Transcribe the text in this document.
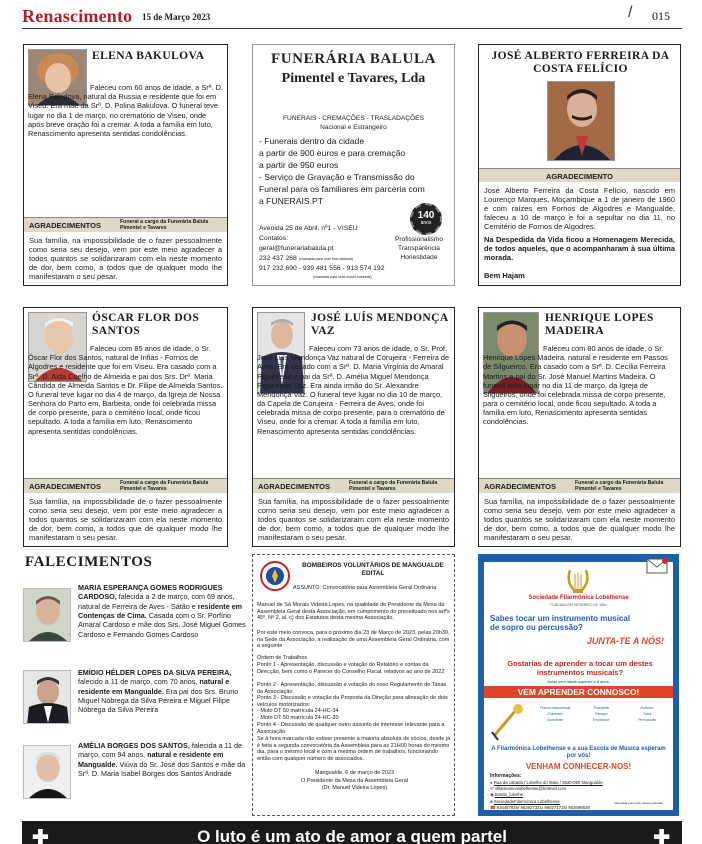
Renascimento 15 de Março 2023	/ 015
ELENA BAKULOVA
Faleceu com 60 anos de idade, a Srª. D. Elena Bakulova, natural da Russia e residente que foi em Viseu. Era mãe da Srª. D. Polina Bakulova. O funeral teve lugar no dia 1 de março, no crematório de Viseu, onde após breve oração foi a cremar. A toda a família em luto, Renascimento apresenta sentidas condolências.
AGRADECIMENTOS	Funeral a cargo da Funerária Balula Pimentel e Tavares
Sua família, na impossibilidade de o fazer pessoalmente como seria seu desejo, vem por este meio agradecer a todos quantos se solidarizaram com ela neste momento de dor, bem como, a todos que de qualquer modo lhe manifestaram o seu pesar.
FUNERÁRIA BALULA
Pimentel e Tavares, Lda
FUNERAIS - CREMAÇÕES - TRASLADAÇÕES
Nacional e Estrangeiro
- Funerais dentro da cidade
a partir de 900 euros e para cremação
a partir de 950 euros
- Serviço de Gravação e Transmissão do
Funeral para os familiares em parceria com
a FUNERAIS.PT
140
anos
Avenida 25 de Abril, nº1 - VISEU
Contatos:
geral@funerariabalula.pt
232 437 268 (chamada para rede fixa nacional)
917 232 690 - 939 481 556 - 913 574 192
(chamada para rede móvel nacional)
Profissionalismo
Transparência
Honestidade
JOSÉ ALBERTO FERREIRA DA COSTA FELÍCIO
AGRADECIMENTO
José Alberto Ferreira da Costa Felício, nascido em Lourenço Marques, Moçambique a 1 de janeiro de 1960 e com raízes em Fornos de Algodres e Mangualde, faleceu a 10 de março e foi a sepultar no dia 11, no Cemitério de Fornos de Algodres.
Na Despedida da Vida ficou a Homenagem Merecida, de todos aqueles, que o acompanharam à sua última morada.
Bem Hajam
ÓSCAR FLOR DOS SANTOS
Faleceu com 85 anos de idade, o Sr. Óscar Flor dos Santos, natural de Infias - Fornos de Algodres e residente que foi em Viseu. Era casado com a Srª. D. Aida Coelho de Almeida e pai dos Srs. Drª. Maria Cândida de Almeida Santos e Dr. Filipe de Almeida Santos. O funeral teve lugar no dia 4 de março, da Igreja de Nossa Senhora do Parto em, Barbeita, onde foi celebrada missa de corpo presente, para o cemitério local, onde ficou sepultado. A toda a família em luto, Renascimento apresenta sentidas condolências.
AGRADECIMENTOS	Funeral a cargo da Funerária Balula Pimentel e Tavares
Sua família, na impossibilidade de o fazer pessoalmente como seria seu desejo, vem por este meio agradecer a todos quantos se solidarizaram com ela neste momento de dor, bem como, a todos que de qualquer modo lhe manifestaram o seu pesar.
JOSÉ LUÍS MENDONÇA VAZ
Faleceu com 73 anos de idade, o Sr. Prof. José Luís Mendonça Vaz natural de Corujeira - Ferreira de Aves. Era casado com a Srª. D. Maria Virgínia do Amaral Figueiredo e pai da Srª. D. Amélia Miguel Mendonça Figueiredo Vaz. Era ainda irmão do Sr. Alexandre Mendonça Vaz. O funeral teve lugar no dia 10 de março, da Capela de Corujeira - Ferreira de Aves, onde foi celebrada missa de corpo presente, para o crematório de Viseu, onde foi a cremar. A toda a família em luto, Renascimento apresenta sentidas condolências.
AGRADECIMENTOS	Funeral a cargo da Funerária Balula Pimentel e Tavares
Sua família, na impossibilidade de o fazer pessoalmente como seria seu desejo, vem por este meio agradecer a todos quantos se solidarizaram com ela neste momento de dor, bem como, a todos que de qualquer modo lhe manifestaram o seu pesar.
HENRIQUE LOPES MADEIRA
Faleceu com 80 anos de idade, o Sr. Henrique Lopes Madeira, natural e residente em Passos de Silgueiros. Era casado com a Srª. D. Cecília Ferreira Martins e pai do Sr. José Manuel Martins Madeira. O funeral teve lugar no dia 11 de março, da Igreja de Silgueiros, onde foi celebrada missa de corpo presente, para o cemitério local, onde ficou sepultado. A toda a família em luto, Renascimento apresenta sentidas condolências.
AGRADECIMENTOS	Funeral a cargo da Funerária Balula Pimentel e Tavares
Sua família, na impossibilidade de o fazer pessoalmente como seria seu desejo, vem por este meio agradecer a todos quantos se solidarizaram com ela neste momento de dor, bem como, a todos que de qualquer modo lhe manifestaram o seu pesar.
FALECIMENTOS
MARIA ESPERANÇA GOMES RODRIGUES CARDOSO, falecida a 2 de março, com 69 anos, natural de Ferreira de Aves - Sátão e residente em Contenças de Cima. Casada com o Sr. Porfírio Amaral Cardoso e mãe dos Srs. José Miguel Gomes Cardoso e Fernando Gomes Cardoso
EMÍDIO HÉLDER LOPES DA SILVA PEREIRA, falecido a 11 de março, com 70 anos, natural e residente em Mangualde. Era pai dos Srs. Bruno Miguel Nóbrega da Silva Pereira e Miguel Filipe Nóbrega da Silva Pereira
AMÉLIA BORGES DOS SANTOS, falecida a 11 de março, com 94 anos, natural e residente em Mangualde. Viúva do Sr. José dos Santos e mãe da Srª. D. Maria Isabel Borges dos Santos Andrade
BOMBEIROS VOLUNTÁRIOS DE MANGUALDE
EDITAL
ASSUNTO: Convocatória para Assembleia Geral Ordinária
Manuel de Sá Morais Videira Lopes, na qualidade de Presidente da Mesa da Assembleia Geral desta Associação, em cumprimento do preceituado nos artºs 45º, Nº 2, al. c) dos Estatutos desta mesma Associação,
Por este meio convoca, para o próximo dia 23 de Março de 2023, pelas 20h30, na Sede da Associação, a realização de uma Assembleia Geral Ordinária, com a seguinte
Ordem de Trabalhos
Ponto 1 - Apresentação, discussão e votação do Relatório e contas da Direcção, bem como o Parecer do Conselho Fiscal, relativos ao ano de 2022
Ponto 2 - Apresentação, discussão e votação do novo Regulamento de Taxas da Associação.
Ponto 3 - Discussão e votação da Proposta da Direção para alineação de dois veículos motorizados:
- Moto DT 50 matrícula 24-HC-34
- Moto DT 50 matrícula 24-HC-30
Ponto 4 - Discussão de qualquer outro assunto de interesse relevante para a Associação.
Se à hora marcada não estiver presente a maioria absoluta de sócios, desde já é feita a segunda convocatória da Assembleia para as 21H00 horas do mesmo dia, para o mesmo local e com a mesma ordem de trabalhos, funcionando então com qualquer número de associados.
Mangualde, 6 de março de 2023
O Presidente da Mesa da Assembleia Geral
(Dr. Manuel Videira Lopes)
Sociedade Filarmónica Lobelhense
FUNDADA EM SETEMBRO DE 1894
Sabes tocar um instrumento musical de sopro ou percussão?
JUNTA-TE A NÓS!
Gostarias de aprender a tocar um destes instrumentos musicais?
Aulas sem idade superior a 8 anos.
VEM APRENDER CONNOSCO!
Flauta transversal	Trompete	Eufónio
Clarinete	Trompa	Tuba
Saxofone	Trombone	Percussão
A Filarmónica Lobelhense e a sua Escola de Música esperam por vós!
VENHAM CONHECER-NOS!
Informações:
● Rua da cabada / Lobelhe do Mato / 3530-090 Mangualde
✉ sfilarmonicalobelhense@hotmail.com
◉ banda_lobelhe
■ SociedadeFilarmonica.Lobelhense
☎ 916487926/ 963927321/ 960271715/ 963698528
(chamada para rede móvel nacional)
✚	O luto é um ato de amor a quem partel	✚
